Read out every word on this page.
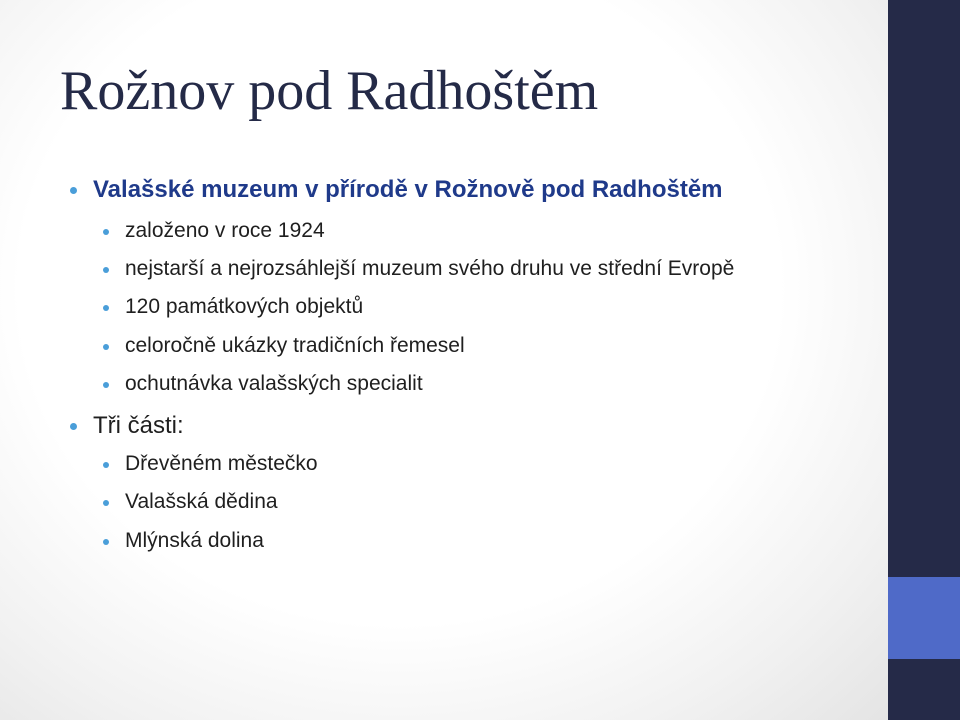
Rožnov pod Radhoštěm
Valašské muzeum v přírodě v Rožnově pod Radhoštěm
založeno v roce 1924
nejstarší a nejrozsáhlejší muzeum svého druhu ve střední Evropě
120 památkových objektů
celoročně ukázky tradičních řemesel
ochutnávka valašských specialit
Tři části:
Dřevěném městečko
Valašská dědina
Mlýnská dolina
